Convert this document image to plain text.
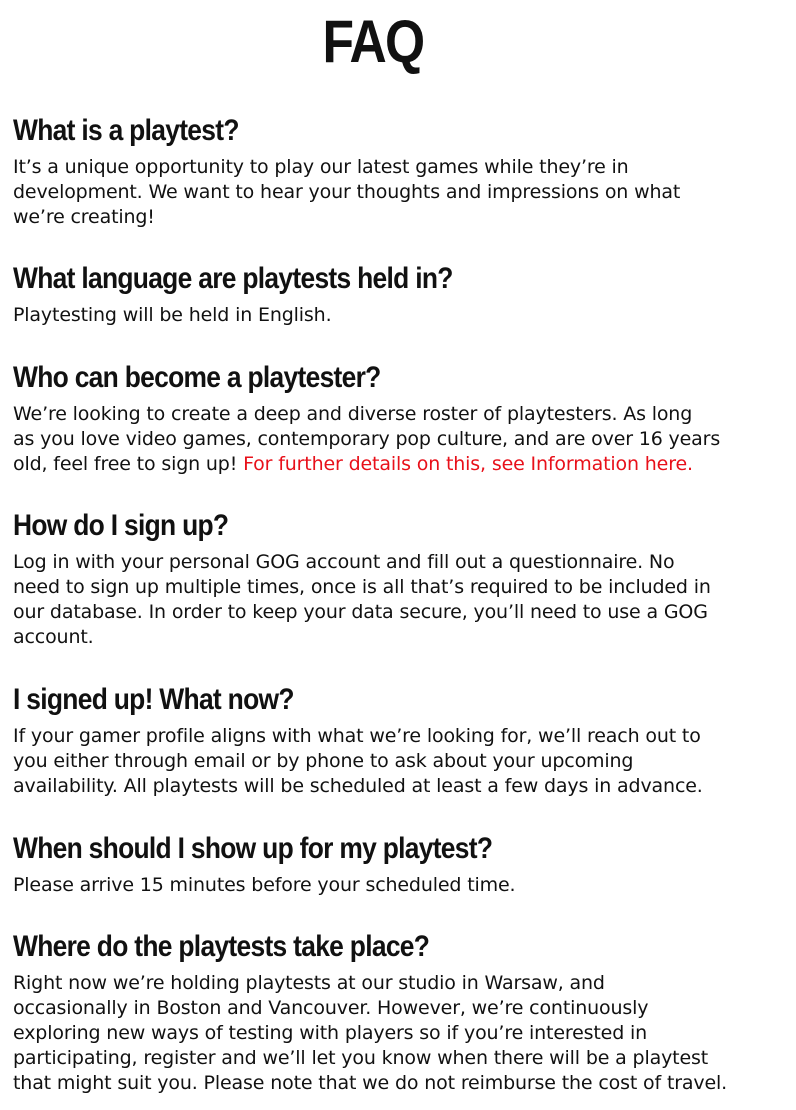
FAQ
What is a playtest?

It’s a unique opportunity to play our latest games while they’re in
development. We want to hear your thoughts and impressions on what
we’re creating!

What language are playtests held in?

Playtesting will be held in English.

Who can become a playtester?

We’re looking to create a deep and diverse roster of playtesters. As long
as you love video games, contemporary pop culture, and are over 16 years
old, feel free to sign up! For further details on this, see Information here.

How do I sign up?

Log in with your personal GOG account and fill out a questionnaire. No
need to sign up multiple times, once is all that’s required to be included in
our database. In order to keep your data secure, you’ll need to use a GOG
account.

I signed up! What now?

If your gamer profile aligns with what we’re looking for, we’ll reach out to
you either through email or by phone to ask about your upcoming
availability. All playtests will be scheduled at least a few days in advance.

When should I show up for my playtest?

Please arrive 15 minutes before your scheduled time.

Where do the playtests take place?

Right now we’re holding playtests at our studio in Warsaw, and
occasionally in Boston and Vancouver. However, we’re continuously
exploring new ways of testing with players so if you’re interested in
participating, register and we’ll let you know when there will be a playtest
that might suit you. Please note that we do not reimburse the cost of travel.
